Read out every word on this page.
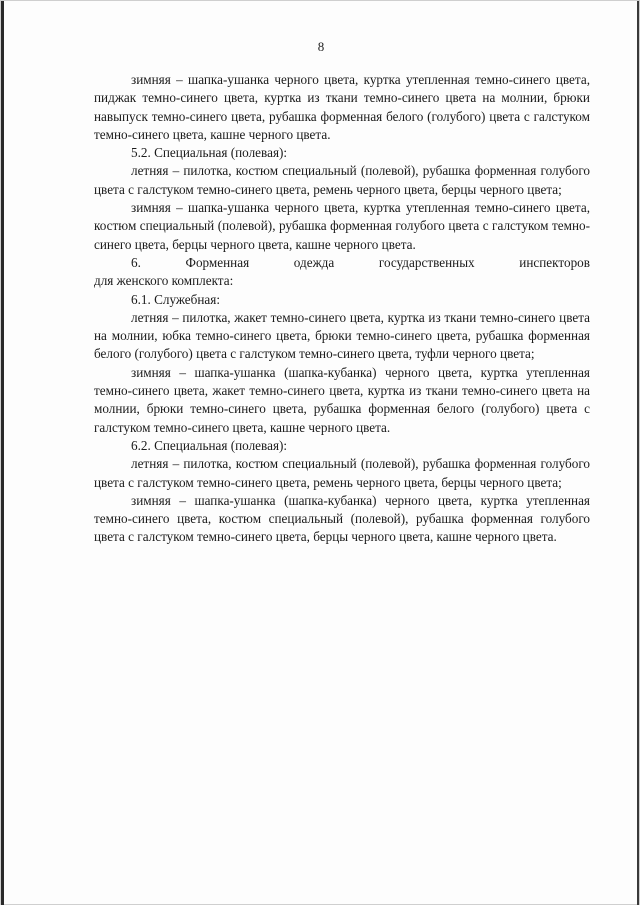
8

зимняя – шапка-ушанка черного цвета, куртка утепленная темно-синего цвета, пиджак темно-синего цвета, куртка из ткани темно-синего цвета на молнии, брюки навыпуск темно-синего цвета, рубашка форменная белого (голубого) цвета с галстуком темно-синего цвета, кашне черного цвета.

5.2. Специальная (полевая):

летняя – пилотка, костюм специальный (полевой), рубашка форменная голубого цвета с галстуком темно-синего цвета, ремень черного цвета, берцы черного цвета;

зимняя – шапка-ушанка черного цвета, куртка утепленная темно-синего цвета, костюм специальный (полевой), рубашка форменная голубого цвета с галстуком темно-синего цвета, берцы черного цвета, кашне черного цвета.

6. Форменная одежда государственных инспекторов

для женского комплекта:

6.1. Служебная:

летняя – пилотка, жакет темно-синего цвета, куртка из ткани темно-синего цвета на молнии, юбка темно-синего цвета, брюки темно-синего цвета, рубашка форменная белого (голубого) цвета с галстуком темно-синего цвета, туфли черного цвета;

зимняя – шапка-ушанка (шапка-кубанка) черного цвета, куртка утепленная темно-синего цвета, жакет темно-синего цвета, куртка из ткани темно-синего цвета на молнии, брюки темно-синего цвета, рубашка форменная белого (голубого) цвета с галстуком темно-синего цвета, кашне черного цвета.

6.2. Специальная (полевая):

летняя – пилотка, костюм специальный (полевой), рубашка форменная голубого цвета с галстуком темно-синего цвета, ремень черного цвета, берцы черного цвета;

зимняя – шапка-ушанка (шапка-кубанка) черного цвета, куртка утепленная темно-синего цвета, костюм специальный (полевой), рубашка форменная голубого цвета с галстуком темно-синего цвета, берцы черного цвета, кашне черного цвета.
